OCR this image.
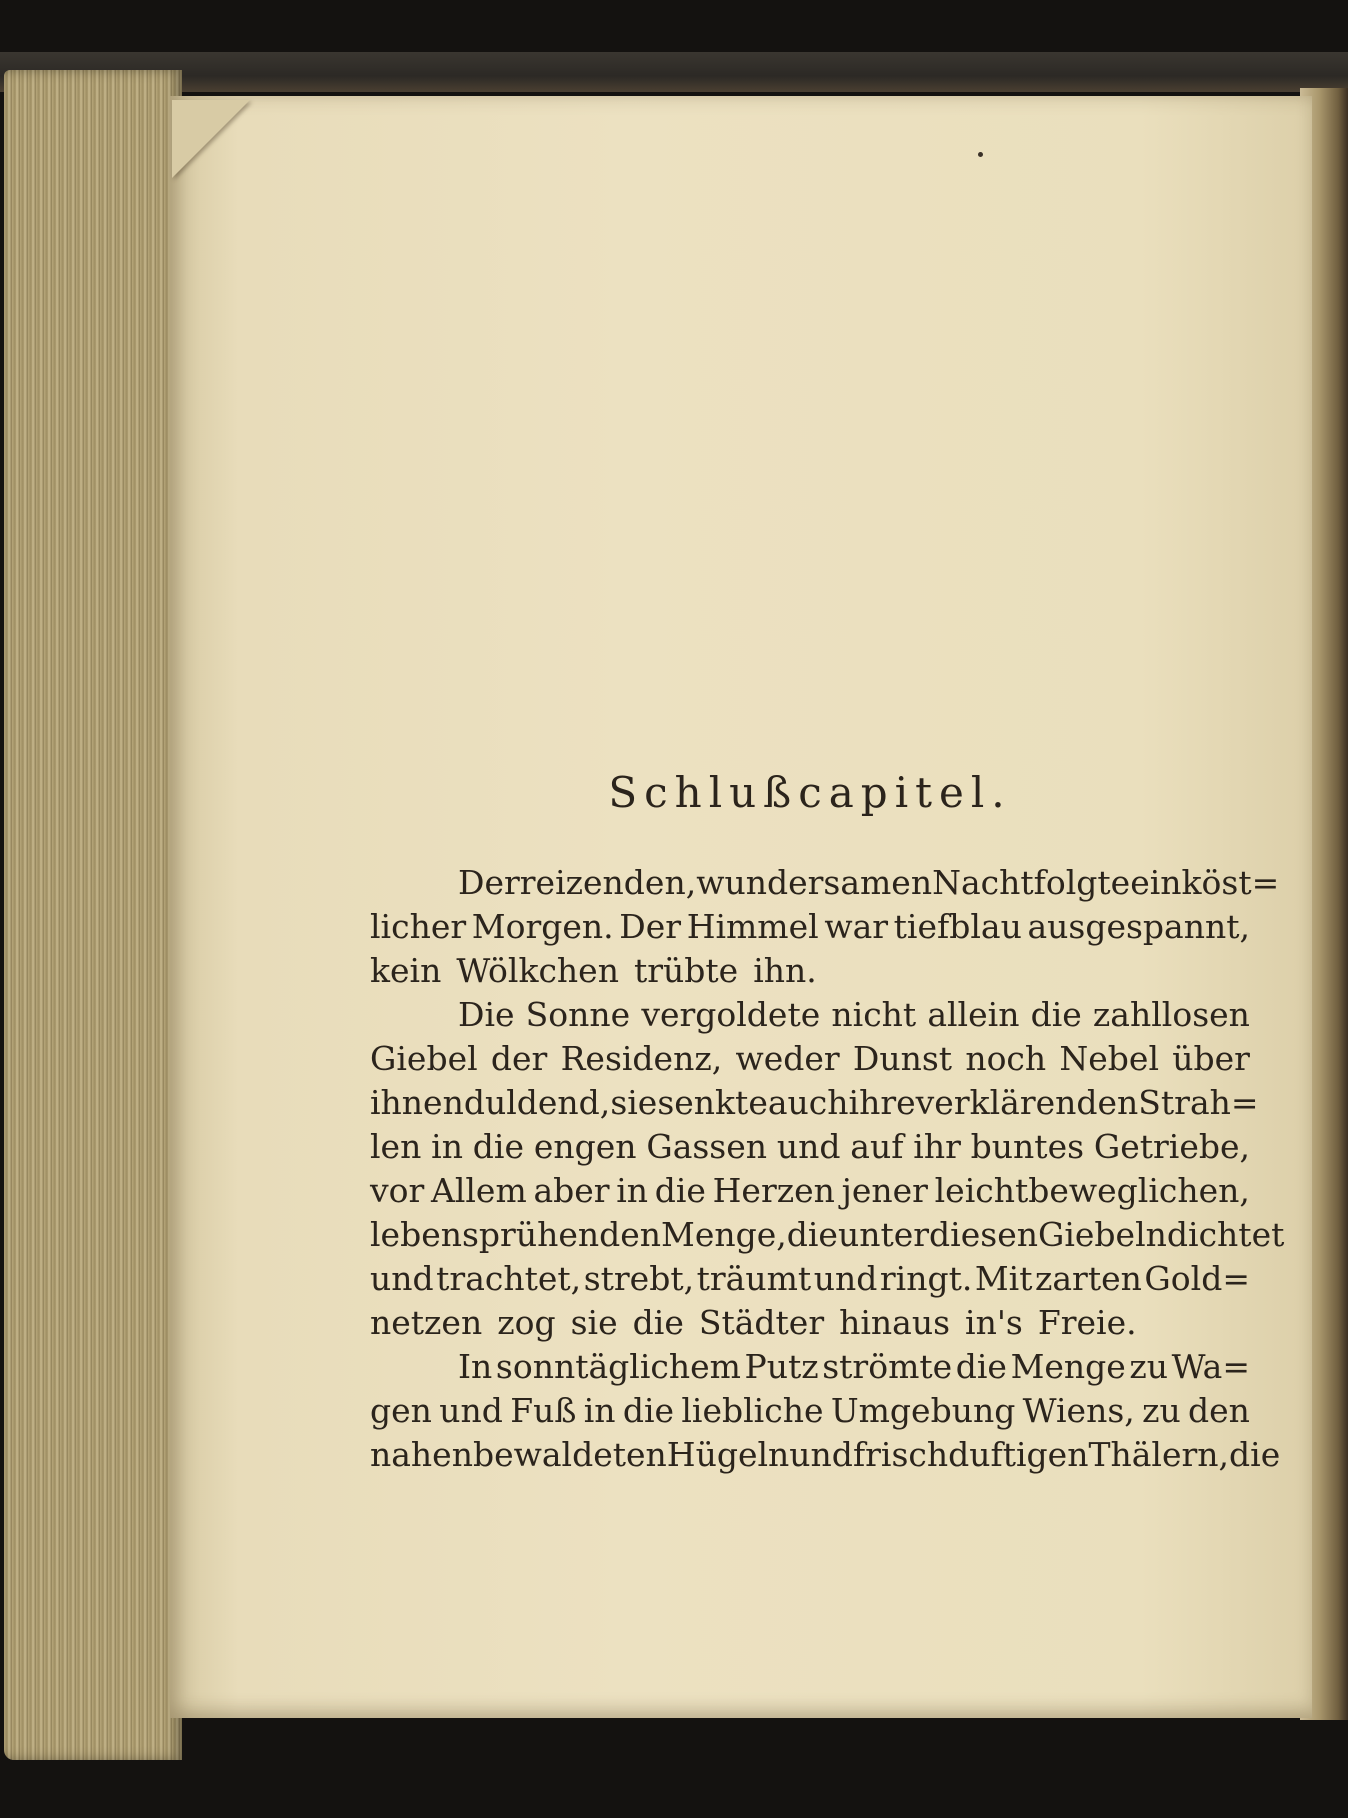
Schlußcapitel.
Der reizenden, wundersamen Nacht folgte ein köst=
licher Morgen. Der Himmel war tiefblau ausgespannt,
kein Wölkchen trübte ihn.
Die Sonne vergoldete nicht allein die zahllosen
Giebel der Residenz, weder Dunst noch Nebel über
ihnen duldend, sie senkte auch ihre verklärenden Strah=
len in die engen Gassen und auf ihr buntes Getriebe,
vor Allem aber in die Herzen jener leichtbeweglichen,
lebensprühenden Menge, die unter diesen Giebeln dichtet
und trachtet, strebt, träumt und ringt. Mit zarten Gold=
netzen zog sie die Städter hinaus in's Freie.
In sonntäglichem Putz strömte die Menge zu Wa=
gen und Fuß in die liebliche Umgebung Wiens, zu den
nahen bewaldeten Hügeln und frischduftigen Thälern, die
